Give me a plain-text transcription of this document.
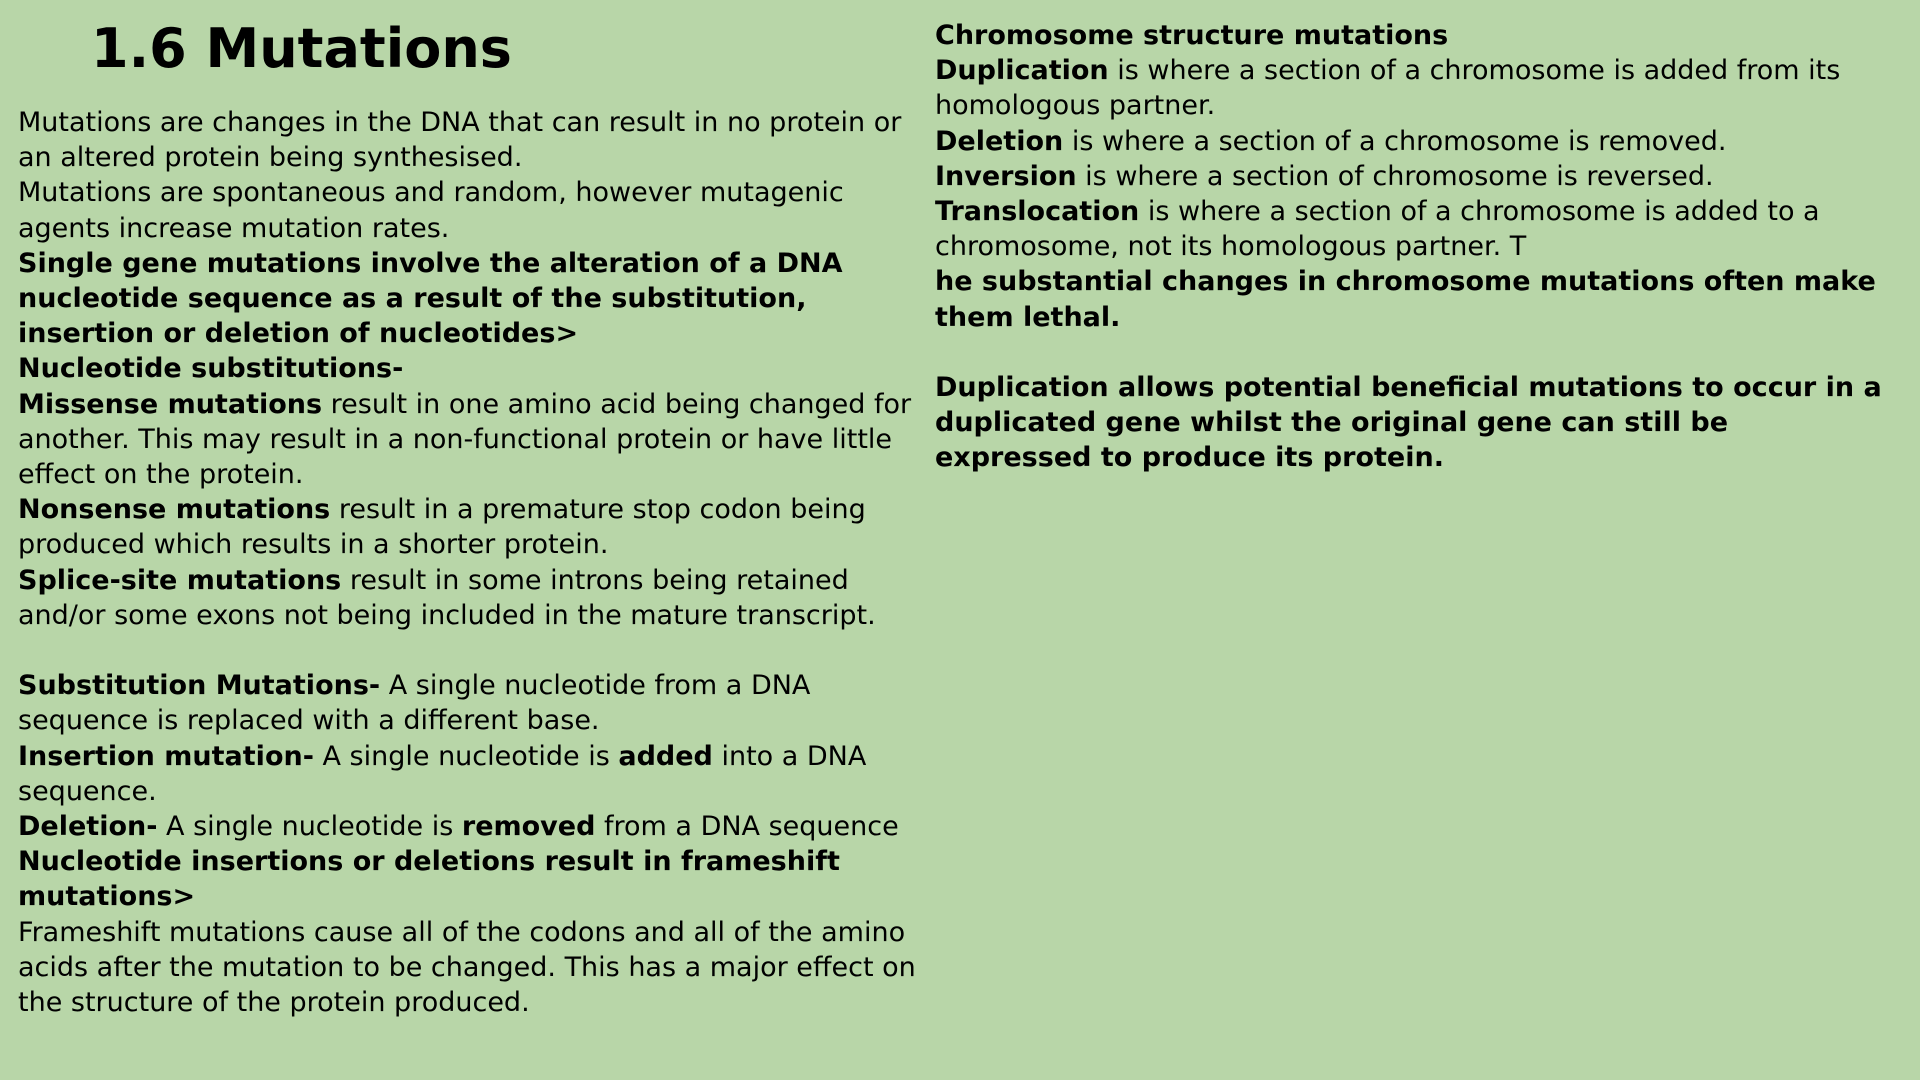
1.6 Mutations

Mutations are changes in the DNA that can result in no protein or an altered protein being synthesised.

Mutations are spontaneous and random, however mutagenic agents increase mutation rates.

Single gene mutations involve the alteration of a DNA nucleotide sequence as a result of the substitution, insertion or deletion of nucleotides>

Nucleotide substitutions-

Missense mutations result in one amino acid being changed for another. This may result in a non-functional protein or have little effect on the protein.

Nonsense mutations result in a premature stop codon being produced which results in a shorter protein.

Splice-site mutations result in some introns being retained and/or some exons not being included in the mature transcript.

Substitution Mutations- A single nucleotide from a DNA sequence is replaced with a different base.

Insertion mutation- A single nucleotide is added into a DNA sequence.

Deletion- A single nucleotide is removed from a DNA sequence

Nucleotide insertions or deletions result in frameshift mutations>

Frameshift mutations cause all of the codons and all of the amino acids after the mutation to be changed. This has a major effect on the structure of the protein produced.

Chromosome structure mutations

Duplication is where a section of a chromosome is added from its homologous partner.

Deletion is where a section of a chromosome is removed.

Inversion is where a section of chromosome is reversed.

Translocation is where a section of a chromosome is added to a chromosome, not its homologous partner. T

he substantial changes in chromosome mutations often make them lethal.

Duplication allows potential beneficial mutations to occur in a duplicated gene whilst the original gene can still be expressed to produce its protein.
